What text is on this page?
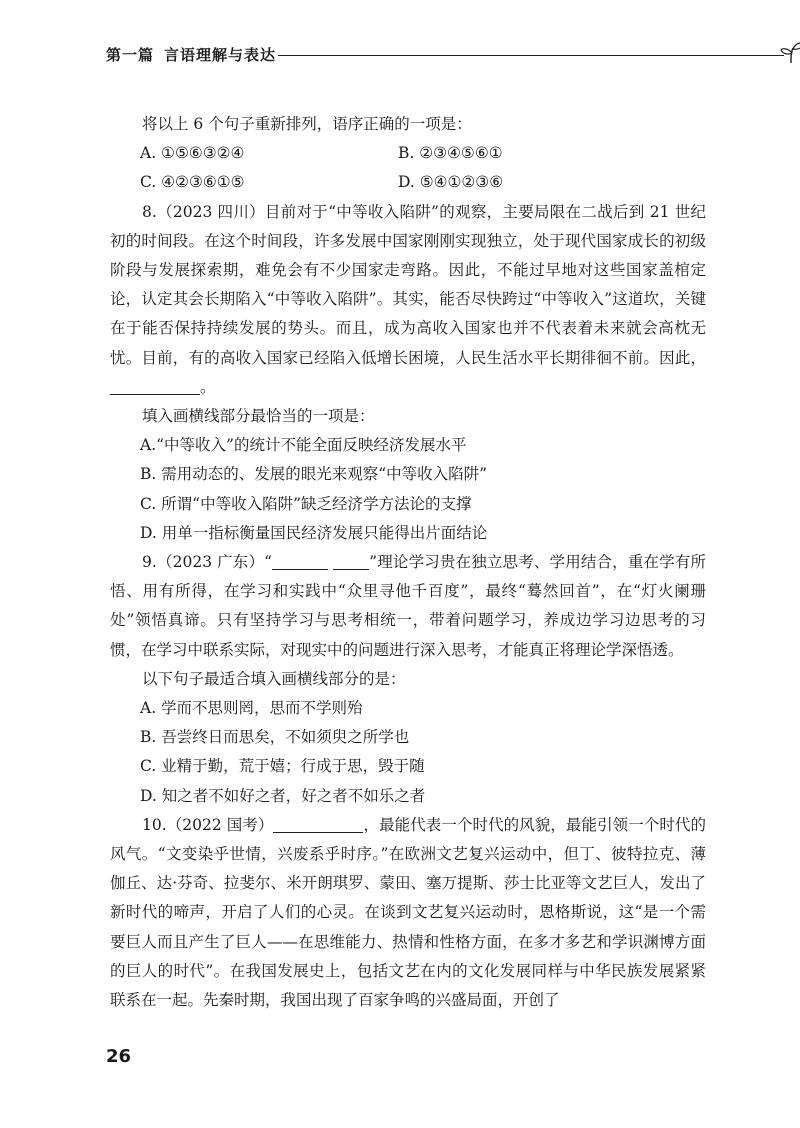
第一篇 言语理解与表达

将以上 6 个句子重新排列，语序正确的一项是：

A. ①⑤⑥③②④	B. ②③④⑤⑥①
C. ④②③⑥①⑤	D. ⑤④①②③⑥

8.（2023 四川）目前对于“中等收入陷阱”的观察，主要局限在二战后到 21 世纪初的时间段。在这个时间段，许多发展中国家刚刚实现独立，处于现代国家成长的初级阶段与发展探索期，难免会有不少国家走弯路。因此，不能过早地对这些国家盖棺定论，认定其会长期陷入“中等收入陷阱”。其实，能否尽快跨过“中等收入”这道坎，关键在于能否保持持续发展的势头。而且，成为高收入国家也并不代表着未来就会高枕无忧。目前，有的高收入国家已经陷入低增长困境，人民生活水平长期徘徊不前。因此，。

填入画横线部分最恰当的一项是：

A.“中等收入”的统计不能全面反映经济发展水平

B. 需用动态的、发展的眼光来观察“中等收入陷阱”

C. 所谓“中等收入陷阱”缺乏经济学方法论的支撑

D. 用单一指标衡量国民经济发展只能得出片面结论

9.（2023 广东）“	”理论学习贵在独立思考、学用结合，重在学有所悟、用有所得，在学习和实践中“众里寻他千百度”，最终“蓦然回首”，在“灯火阑珊处”领悟真谛。只有坚持学习与思考相统一，带着问题学习，养成边学习边思考的习惯，在学习中联系实际，对现实中的问题进行深入思考，才能真正将理论学深悟透。

以下句子最适合填入画横线部分的是：

A. 学而不思则罔，思而不学则殆

B. 吾尝终日而思矣，不如须臾之所学也

C. 业精于勤，荒于嬉；行成于思，毁于随

D. 知之者不如好之者，好之者不如乐之者

10.（2022 国考）	，最能代表一个时代的风貌，最能引领一个时代的风气。“文变染乎世情，兴废系乎时序。”在欧洲文艺复兴运动中，但丁、彼特拉克、薄伽丘、达·芬奇、拉斐尔、米开朗琪罗、蒙田、塞万提斯、莎士比亚等文艺巨人，发出了新时代的啼声，开启了人们的心灵。在谈到文艺复兴运动时，恩格斯说，这“是一个需要巨人而且产生了巨人——在思维能力、热情和性格方面，在多才多艺和学识渊博方面的巨人的时代”。在我国发展史上，包括文艺在内的文化发展同样与中华民族发展紧紧联系在一起。先秦时期，我国出现了百家争鸣的兴盛局面，开创了

26
